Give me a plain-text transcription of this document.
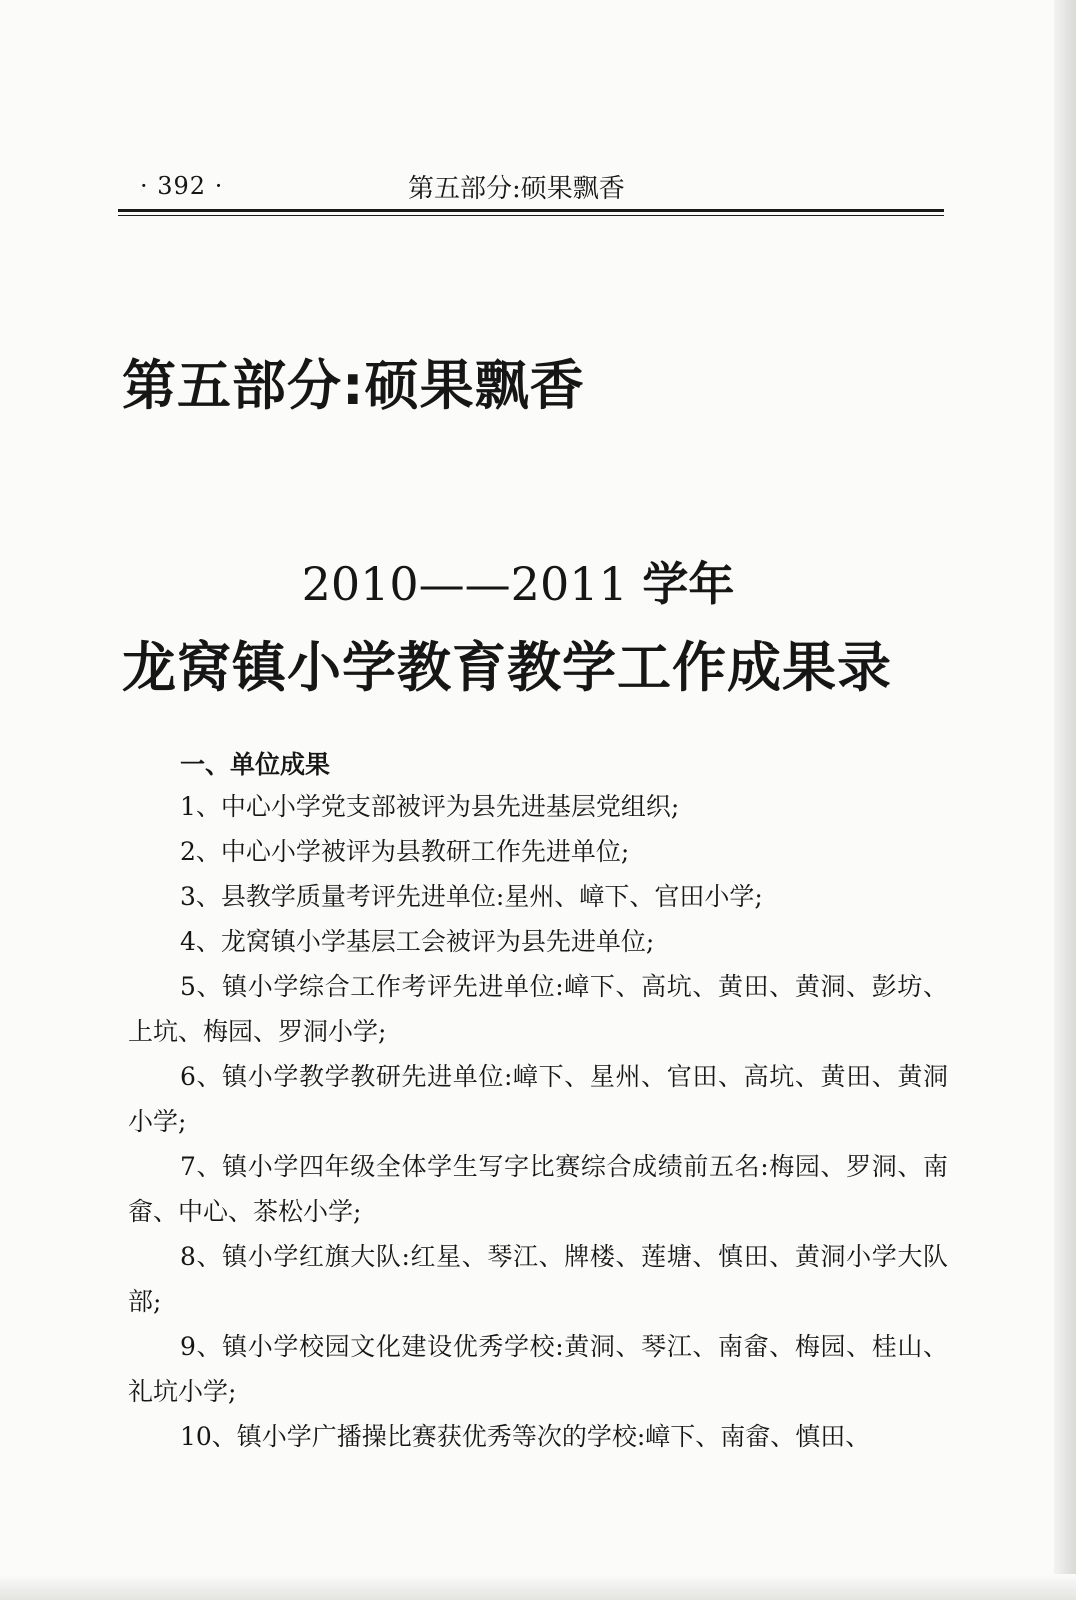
· 392 ·	第五部分:硕果飘香
第五部分:硕果飘香
2010——2011 学年
龙窝镇小学教育教学工作成果录
一、单位成果

1、中心小学党支部被评为县先进基层党组织;

2、中心小学被评为县教研工作先进单位;

3、县教学质量考评先进单位:星州、嶂下、官田小学;

4、龙窝镇小学基层工会被评为县先进单位;

5、镇小学综合工作考评先进单位:嶂下、高坑、黄田、黄洞、彭坊、上坑、梅园、罗洞小学;

6、镇小学教学教研先进单位:嶂下、星州、官田、高坑、黄田、黄洞小学;

7、镇小学四年级全体学生写字比赛综合成绩前五名:梅园、罗洞、南畲、中心、茶松小学;

8、镇小学红旗大队:红星、琴江、牌楼、莲塘、慎田、黄洞小学大队部;

9、镇小学校园文化建设优秀学校:黄洞、琴江、南畲、梅园、桂山、礼坑小学;

10、镇小学广播操比赛获优秀等次的学校:嶂下、南畲、慎田、
